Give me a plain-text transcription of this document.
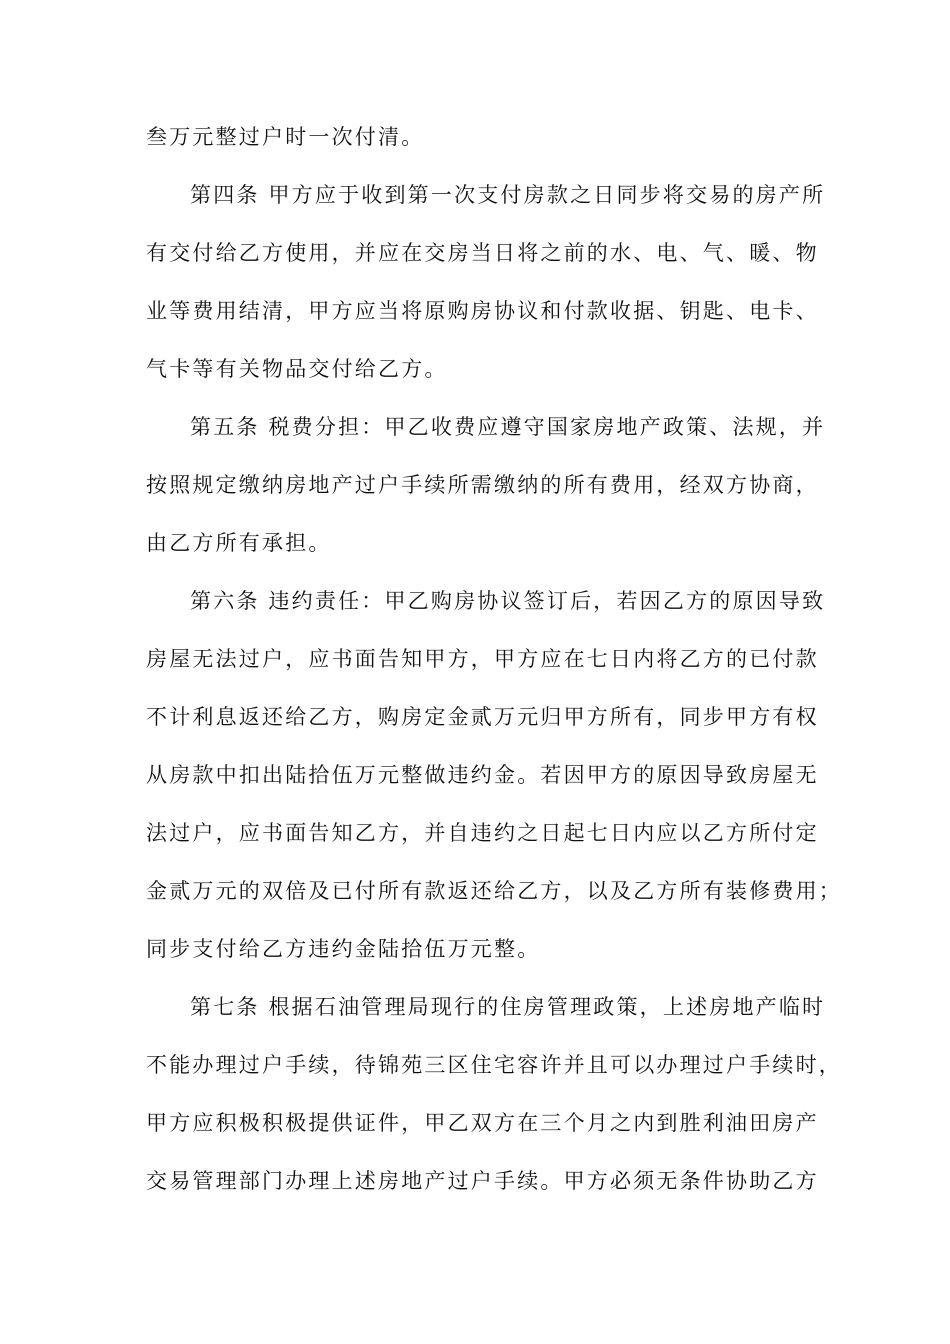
叁万元整过户时一次付清。
第四条 甲方应于收到第一次支付房款之日同步将交易的房产所
有交付给乙方使用，并应在交房当日将之前的水、电、气、暖、物
业等费用结清，甲方应当将原购房协议和付款收据、钥匙、电卡、
气卡等有关物品交付给乙方。
第五条 税费分担：甲乙收费应遵守国家房地产政策、法规，并
按照规定缴纳房地产过户手续所需缴纳的所有费用，经双方协商，
由乙方所有承担。
第六条 违约责任：甲乙购房协议签订后，若因乙方的原因导致
房屋无法过户，应书面告知甲方，甲方应在七日内将乙方的已付款
不计利息返还给乙方，购房定金贰万元归甲方所有，同步甲方有权
从房款中扣出陆拾伍万元整做违约金。若因甲方的原因导致房屋无
法过户，应书面告知乙方，并自违约之日起七日内应以乙方所付定
金贰万元的双倍及已付所有款返还给乙方，以及乙方所有装修费用；
同步支付给乙方违约金陆拾伍万元整。
第七条 根据石油管理局现行的住房管理政策，上述房地产临时
不能办理过户手续，待锦苑三区住宅容许并且可以办理过户手续时，
甲方应积极积极提供证件，甲乙双方在三个月之内到胜利油田房产
交易管理部门办理上述房地产过户手续。甲方必须无条件协助乙方
